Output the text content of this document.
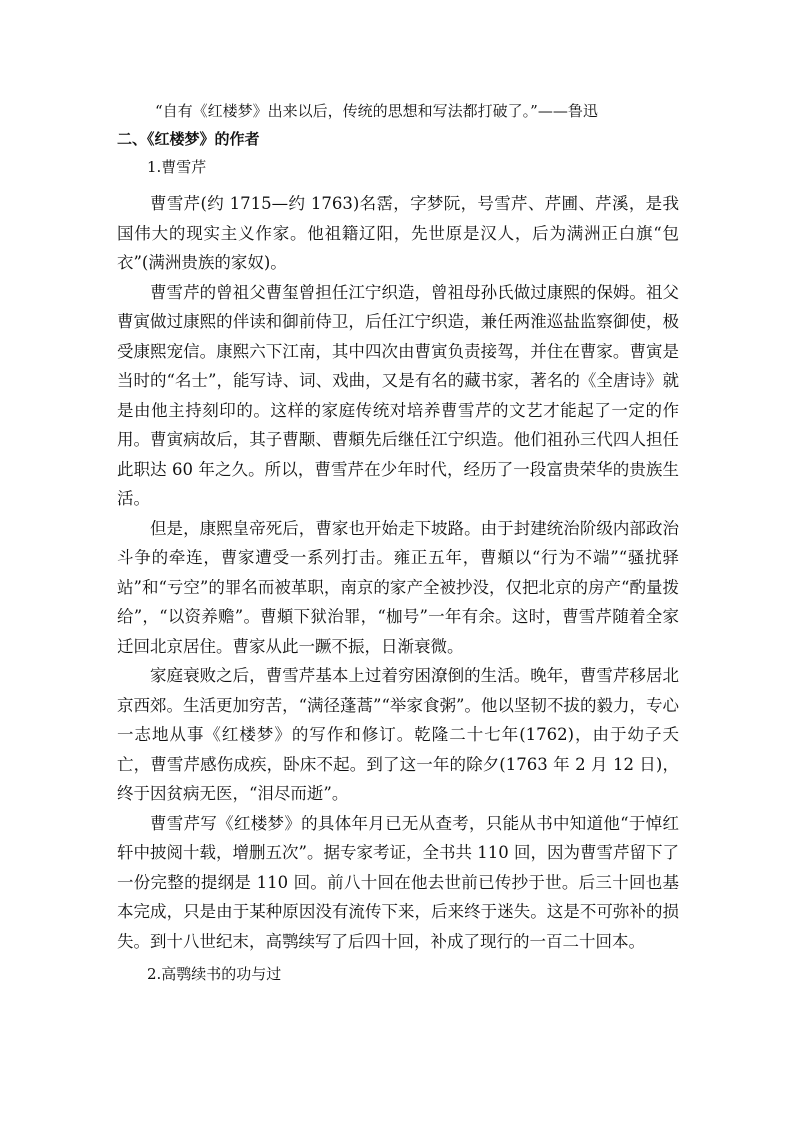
“自有《红楼梦》出来以后，传统的思想和写法都打破了。”——鲁迅

二、《红楼梦》的作者

1.曹雪芹

曹雪芹(约 1715—约 1763)名霑，字梦阮，号雪芹、芹圃、芹溪，是我国伟大的现实主义作家。他祖籍辽阳，先世原是汉人，后为满洲正白旗“包衣”(满洲贵族的家奴)。

曹雪芹的曾祖父曹玺曾担任江宁织造，曾祖母孙氏做过康熙的保姆。祖父曹寅做过康熙的伴读和御前侍卫，后任江宁织造，兼任两淮巡盐监察御使，极受康熙宠信。康熙六下江南，其中四次由曹寅负责接驾，并住在曹家。曹寅是当时的“名士”，能写诗、词、戏曲，又是有名的藏书家，著名的《全唐诗》就是由他主持刻印的。这样的家庭传统对培养曹雪芹的文艺才能起了一定的作用。曹寅病故后，其子曹颙、曹頫先后继任江宁织造。他们祖孙三代四人担任此职达 60 年之久。所以，曹雪芹在少年时代，经历了一段富贵荣华的贵族生活。

但是，康熙皇帝死后，曹家也开始走下坡路。由于封建统治阶级内部政治斗争的牵连，曹家遭受一系列打击。雍正五年，曹頫以“行为不端”“骚扰驿站”和“亏空”的罪名而被革职，南京的家产全被抄没，仅把北京的房产“酌量拨给”，“以资养赡”。曹頫下狱治罪，“枷号”一年有余。这时，曹雪芹随着全家迁回北京居住。曹家从此一蹶不振，日渐衰微。

家庭衰败之后，曹雪芹基本上过着穷困潦倒的生活。晚年，曹雪芹移居北京西郊。生活更加穷苦，“满径蓬蒿”“举家食粥”。他以坚韧不拔的毅力，专心一志地从事《红楼梦》的写作和修订。乾隆二十七年(1762)，由于幼子夭亡，曹雪芹感伤成疾，卧床不起。到了这一年的除夕(1763 年 2 月 12 日)，终于因贫病无医，“泪尽而逝”。

曹雪芹写《红楼梦》的具体年月已无从查考，只能从书中知道他“于悼红轩中披阅十载，增删五次”。据专家考证，全书共 110 回，因为曹雪芹留下了一份完整的提纲是 110 回。前八十回在他去世前已传抄于世。后三十回也基本完成，只是由于某种原因没有流传下来，后来终于迷失。这是不可弥补的损失。到十八世纪末，高鹗续写了后四十回，补成了现行的一百二十回本。

2.高鹗续书的功与过
